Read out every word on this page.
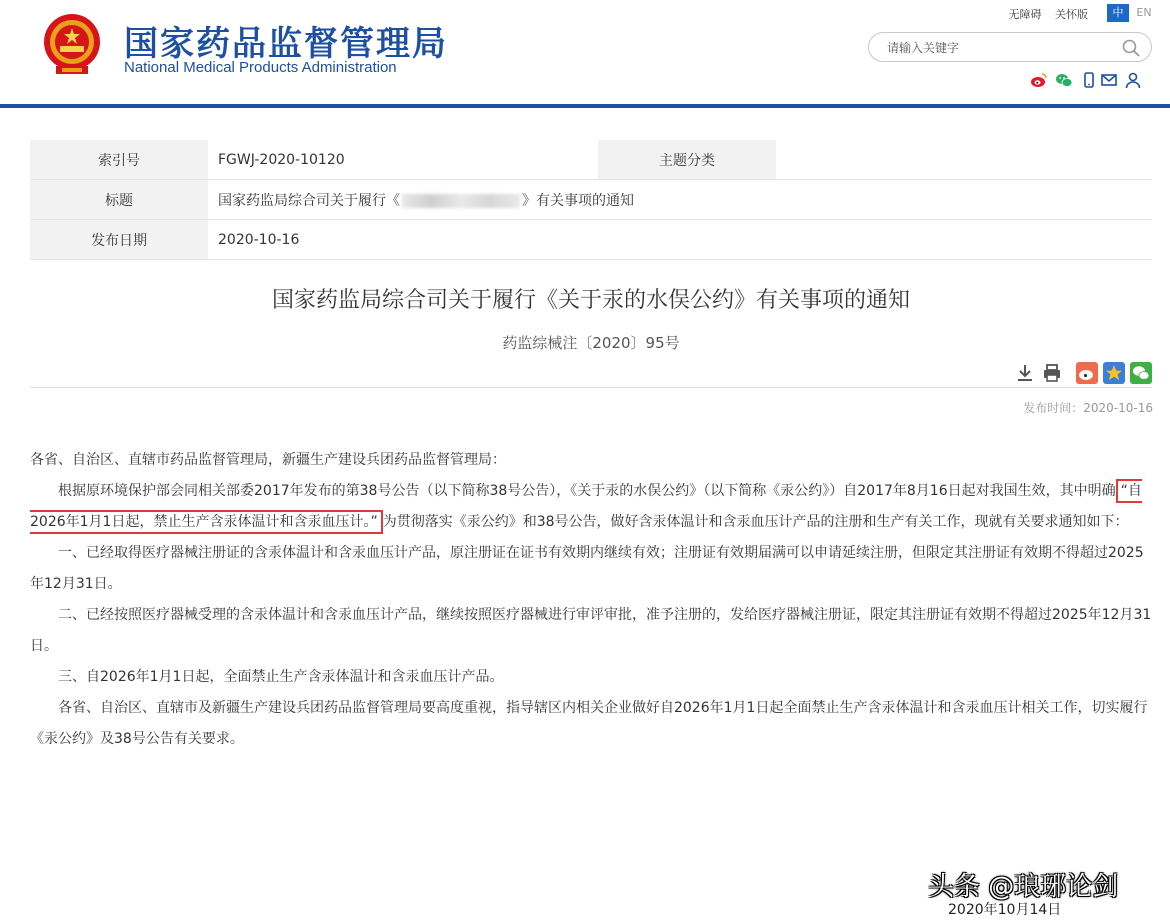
国家药品监督管理局
National Medical Products Administration
无障碍 关怀版	中	EN
请输入关键字
索引号	FGWJ-2020-10120	主题分类	
标题	国家药监局综合司关于履行《 》有关事项的通知		
发布日期	2020-10-16		
国家药监局综合司关于履行《关于汞的水俣公约》有关事项的通知
药监综械注〔2020〕95号
发布时间：2020-10-16

各省、自治区、直辖市药品监督管理局，新疆生产建设兵团药品监督管理局：

根据原环境保护部会同相关部委2017年发布的第38号公告（以下简称38号公告），《关于汞的水俣公约》（以下简称《汞公约》）自2017年8月16日起对我国生效，其中明确 “自2026年1月1日起，禁止生产含汞体温计和含汞血压计。” 为贯彻落实《汞公约》和38号公告，做好含汞体温计和含汞血压计产品的注册和生产有关工作，现就有关要求通知如下：

一、已经取得医疗器械注册证的含汞体温计和含汞血压计产品，原注册证在证书有效期内继续有效；注册证有效期届满可以申请延续注册，但限定其注册证有效期不得超过2025年12月31日。

二、已经按照医疗器械受理的含汞体温计和含汞血压计产品，继续按照医疗器械进行审评审批，准予注册的，发给医疗器械注册证，限定其注册证有效期不得超过2025年12月31日。

三、自2026年1月1日起，全面禁止生产含汞体温计和含汞血压计产品。

各省、自治区、直辖市及新疆生产建设兵团药品监督管理局要高度重视，指导辖区内相关企业做好自2026年1月1日起全面禁止生产含汞体温计和含汞血压计相关工作，切实履行《汞公约》及38号公告有关要求。

头条 @琅琊论剑
2020年10月14日
